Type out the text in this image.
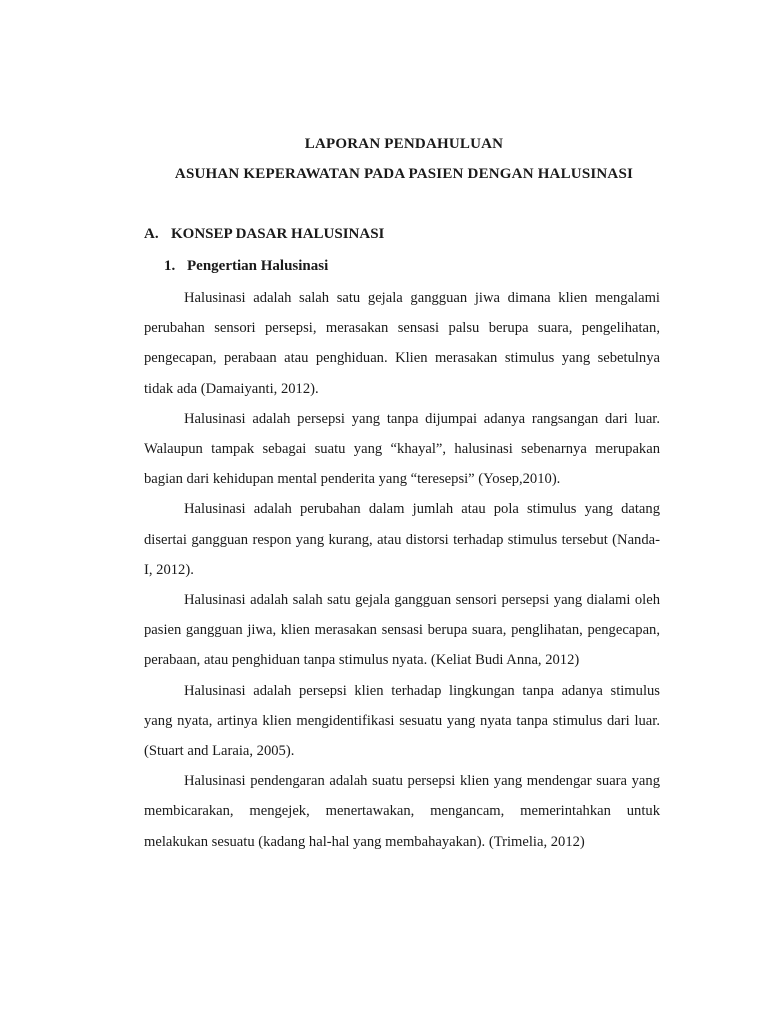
LAPORAN PENDAHULUAN
ASUHAN KEPERAWATAN PADA PASIEN DENGAN HALUSINASI
A. KONSEP DASAR HALUSINASI
1. Pengertian Halusinasi

Halusinasi adalah salah satu gejala gangguan jiwa dimana klien mengalami perubahan sensori persepsi, merasakan sensasi palsu berupa suara, pengelihatan, pengecapan, perabaan atau penghiduan. Klien merasakan stimulus yang sebetulnya tidak ada (Damaiyanti, 2012).

Halusinasi adalah persepsi yang tanpa dijumpai adanya rangsangan dari luar. Walaupun tampak sebagai suatu yang “khayal”, halusinasi sebenarnya merupakan bagian dari kehidupan mental penderita yang “teresepsi” (Yosep,2010).

Halusinasi adalah perubahan dalam jumlah atau pola stimulus yang datang disertai gangguan respon yang kurang, atau distorsi terhadap stimulus tersebut (Nanda-I, 2012).

Halusinasi adalah salah satu gejala gangguan sensori persepsi yang dialami oleh pasien gangguan jiwa, klien merasakan sensasi berupa suara, penglihatan, pengecapan, perabaan, atau penghiduan tanpa stimulus nyata. (Keliat Budi Anna, 2012)

Halusinasi adalah persepsi klien terhadap lingkungan tanpa adanya stimulus yang nyata, artinya klien mengidentifikasi sesuatu yang nyata tanpa stimulus dari luar. (Stuart and Laraia, 2005).

Halusinasi pendengaran adalah suatu persepsi klien yang mendengar suara yang membicarakan, mengejek, menertawakan, mengancam, memerintahkan untuk melakukan sesuatu (kadang hal-hal yang membahayakan). (Trimelia, 2012)
